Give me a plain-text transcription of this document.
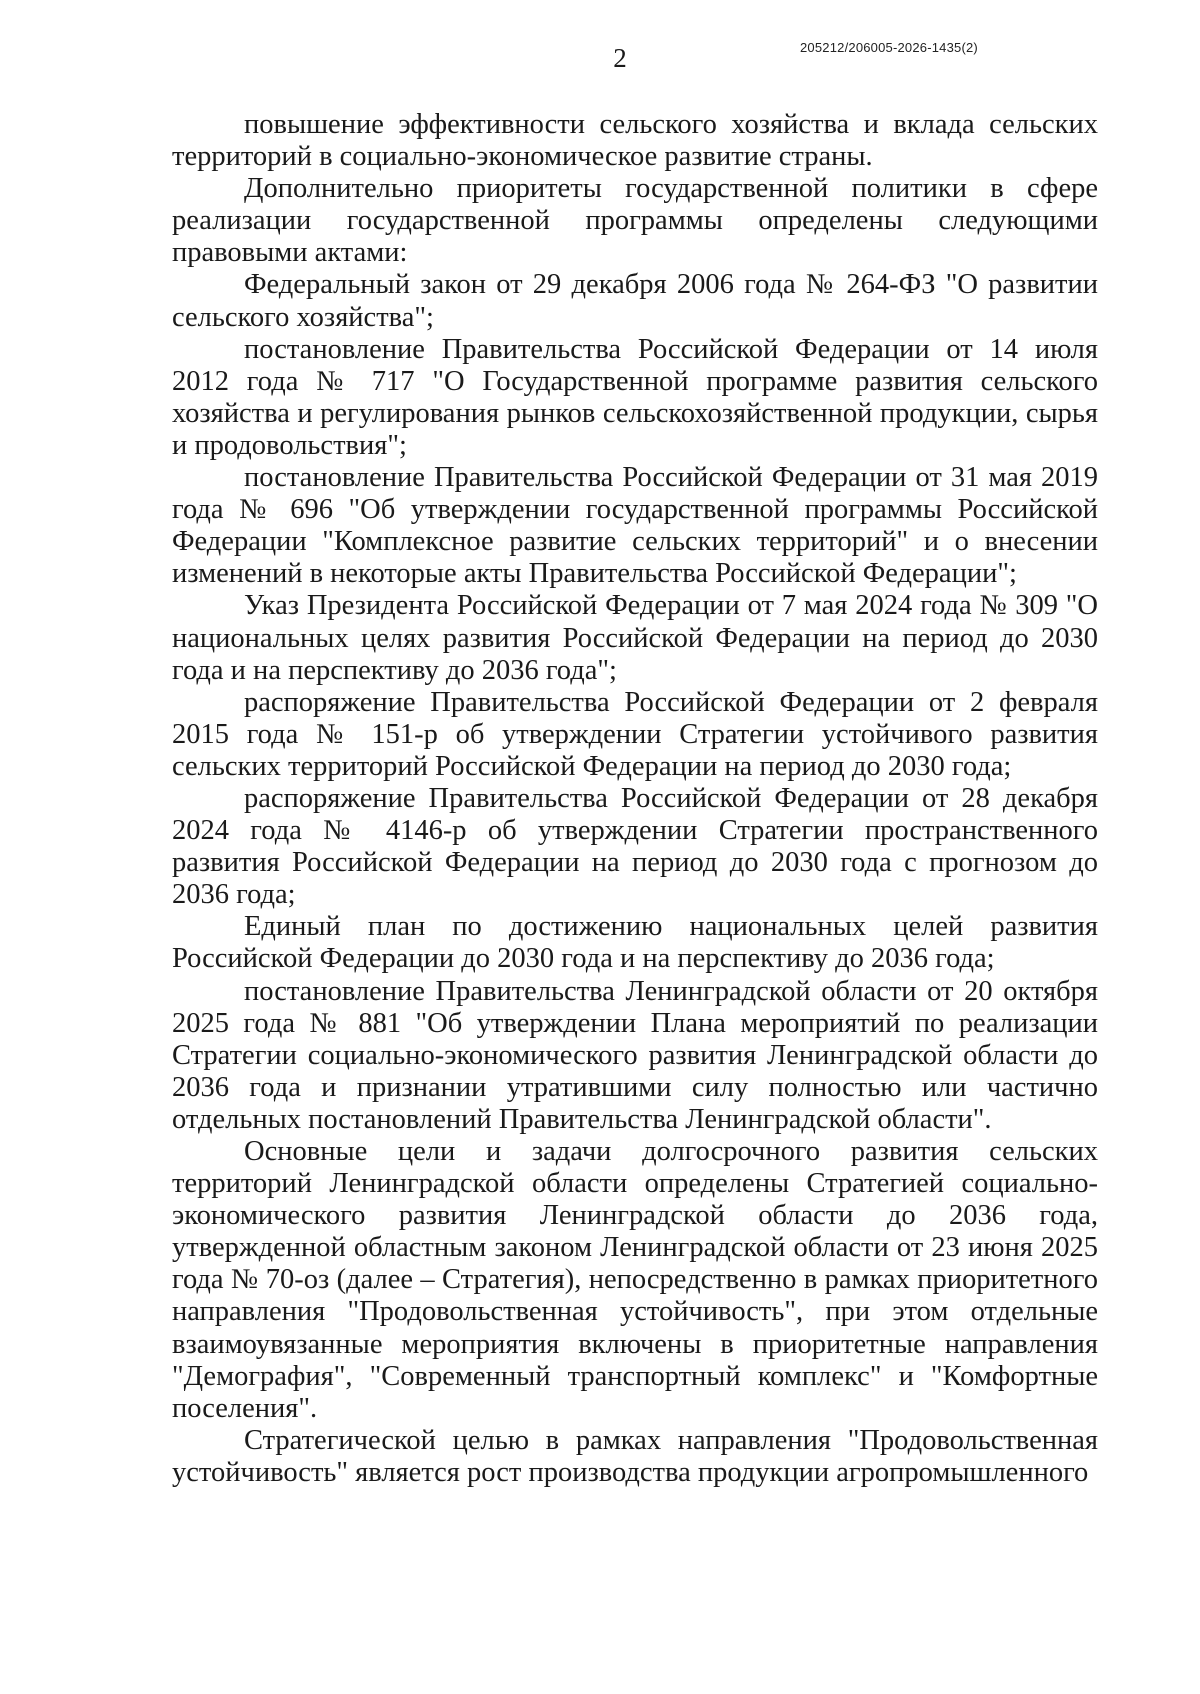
2	205212/206005-2026-1435(2)

повышение эффективности сельского хозяйства и вклада сельских территорий в социально-экономическое развитие страны.

Дополнительно приоритеты государственной политики в сфере реализации государственной программы определены следующими правовыми актами:

Федеральный закон от 29 декабря 2006 года № 264-ФЗ "О развитии сельского хозяйства";

постановление Правительства Российской Федерации от 14 июля 2012 года № 717 "О Государственной программе развития сельского хозяйства и регулирования рынков сельскохозяйственной продукции, сырья и продовольствия";

постановление Правительства Российской Федерации от 31 мая 2019 года № 696 "Об утверждении государственной программы Российской Федерации "Комплексное развитие сельских территорий" и о внесении изменений в некоторые акты Правительства Российской Федерации";

Указ Президента Российской Федерации от 7 мая 2024 года № 309 "О национальных целях развития Российской Федерации на период до 2030 года и на перспективу до 2036 года";

распоряжение Правительства Российской Федерации от 2 февраля 2015 года № 151-р об утверждении Стратегии устойчивого развития сельских территорий Российской Федерации на период до 2030 года;

распоряжение Правительства Российской Федерации от 28 декабря 2024 года № 4146-р об утверждении Стратегии пространственного развития Российской Федерации на период до 2030 года с прогнозом до 2036 года;

Единый план по достижению национальных целей развития Российской Федерации до 2030 года и на перспективу до 2036 года;

постановление Правительства Ленинградской области от 20 октября 2025 года № 881 "Об утверждении Плана мероприятий по реализации Стратегии социально-экономического развития Ленинградской области до 2036 года и признании утратившими силу полностью или частично отдельных постановлений Правительства Ленинградской области".

Основные цели и задачи долгосрочного развития сельских территорий Ленинградской области определены Стратегией социально-экономического развития Ленинградской области до 2036 года, утвержденной областным законом Ленинградской области от 23 июня 2025 года № 70-оз (далее – Стратегия), непосредственно в рамках приоритетного направления "Продовольственная устойчивость", при этом отдельные взаимоувязанные мероприятия включены в приоритетные направления "Демография", "Современный транспортный комплекс" и "Комфортные поселения".

Стратегической целью в рамках направления "Продовольственная устойчивость" является рост производства продукции агропромышленного
